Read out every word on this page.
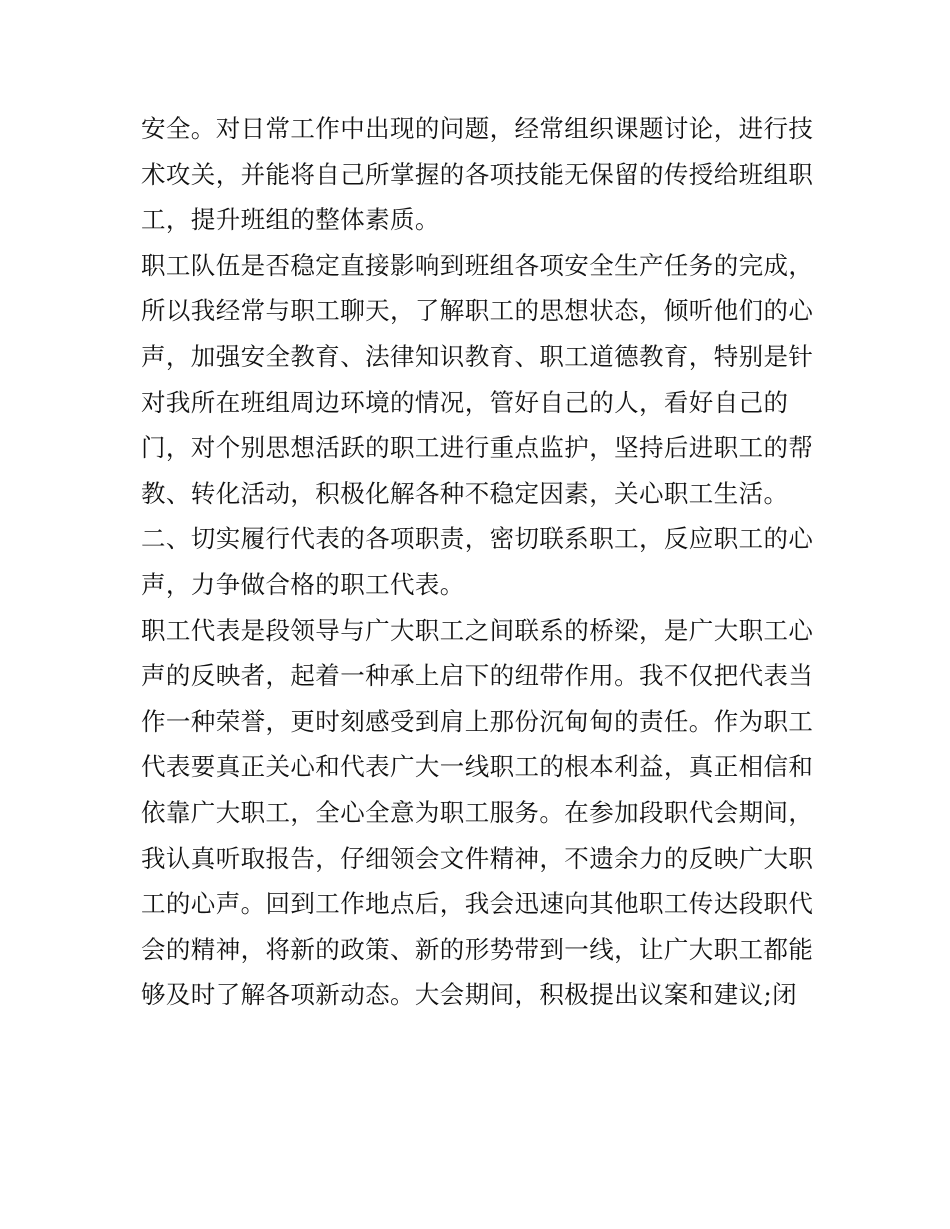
安全。对日常工作中出现的问题，经常组织课题讨论，进行技
术攻关，并能将自己所掌握的各项技能无保留的传授给班组职
工，提升班组的整体素质。
职工队伍是否稳定直接影响到班组各项安全生产任务的完成，
所以我经常与职工聊天，了解职工的思想状态，倾听他们的心
声，加强安全教育、法律知识教育、职工道德教育，特别是针
对我所在班组周边环境的情况，管好自己的人，看好自己的
门，对个别思想活跃的职工进行重点监护，坚持后进职工的帮
教、转化活动，积极化解各种不稳定因素，关心职工生活。
二、切实履行代表的各项职责，密切联系职工，反应职工的心
声，力争做合格的职工代表。
职工代表是段领导与广大职工之间联系的桥梁，是广大职工心
声的反映者，起着一种承上启下的纽带作用。我不仅把代表当
作一种荣誉，更时刻感受到肩上那份沉甸甸的责任。作为职工
代表要真正关心和代表广大一线职工的根本利益，真正相信和
依靠广大职工，全心全意为职工服务。在参加段职代会期间，
我认真听取报告，仔细领会文件精神，不遗余力的反映广大职
工的心声。回到工作地点后，我会迅速向其他职工传达段职代
会的精神，将新的政策、新的形势带到一线，让广大职工都能
够及时了解各项新动态。大会期间，积极提出议案和建议;闭
